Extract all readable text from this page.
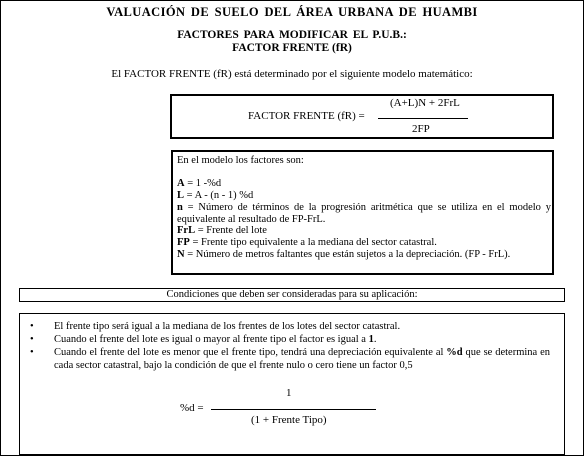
VALUACIÓN DE SUELO DEL ÁREA URBANA DE HUAMBI
FACTORES PARA MODIFICAR EL P.U.B.:
FACTOR FRENTE (fR)
El FACTOR FRENTE (fR) está determinado por el siguiente modelo matemático:
FACTOR FRENTE (fR) =
(A+L)N + 2FrL
2FP

En el modelo los factores son:

A = 1 -%d

L = A - (n - 1) %d

n = Número de términos de la progresión aritmética que se utiliza en el modelo y equivalente al resultado de FP-FrL.

FrL = Frente del lote

FP = Frente tipo equivalente a la mediana del sector catastral.

N = Número de metros faltantes que están sujetos a la depreciación. (FP - FrL).

Condiciones que deben ser consideradas para su aplicación:
• El frente tipo será igual a la mediana de los frentes de los lotes del sector catastral.
• Cuando el frente del lote es igual o mayor al frente tipo el factor es igual a 1.
• Cuando el frente del lote es menor que el frente tipo, tendrá una depreciación equivalente al %d que se determina en cada sector catastral, bajo la condición de que el frente nulo o cero tiene un factor 0,5
%d =
1
(1 + Frente Tipo)
